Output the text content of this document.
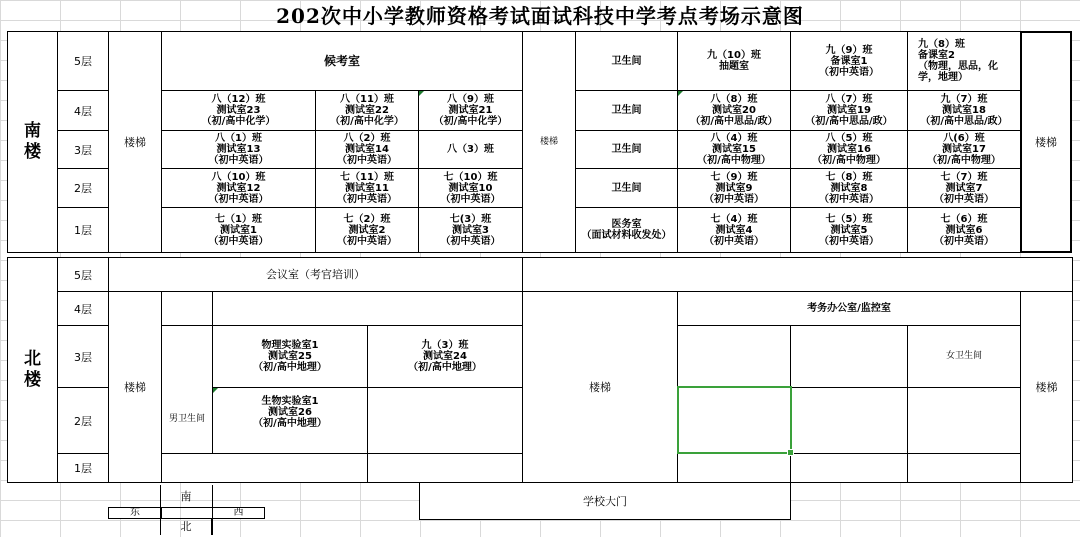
202次中小学教师资格考试面试科技中学考点考场示意图
南
楼
5层
4层
3层
2层
1层
楼梯
候考室
八（12）班
测试室23
（初/高中化学）
八（11）班
测试室22
（初/高中化学）
八（9）班
测试室21
（初/高中化学）
八（1）班
测试室13
（初中英语）
八（2）班
测试室14
（初中英语）
八（3）班
八（10）班
测试室12
（初中英语）
七（11）班
测试室11
（初中英语）
七（10）班
测试室10
（初中英语）
七（1）班
测试室1
（初中英语）
七（2）班
测试室2
（初中英语）
七(3）班
测试室3
（初中英语）
楼梯
卫生间
卫生间
卫生间
卫生间
医务室
（面试材料收发处）
九（10）班
抽题室
九（9）班
备课室1
（初中英语）
九（8）班
备课室2
（物理，思品，化
学，地理）
八（8）班
测试室20
（初/高中思品/政）
八（7）班
测试室19
（初/高中思品/政）
九（7）班
测试室18
（初/高中思品/政）
八（4）班
测试室15
（初/高中物理）
八（5）班
测试室16
（初/高中物理）
八(6）班
测试室17
（初/高中物理）
七（9）班
测试室9
（初中英语）
七（8）班
测试室8
（初中英语）
七（7）班
测试室7
（初中英语）
七（4）班
测试室4
（初中英语）
七（5）班
测试室5
（初中英语）
七（6）班
测试室6
（初中英语）
楼梯
北
楼
5层
4层
3层
2层
1层
会议室（考官培训）
楼梯
男卫生间
物理实验室1
测试室25
（初/高中地理）
九（3）班
测试室24
（初/高中地理）
生物实验室1
测试室26
（初/高中地理）
楼梯
考务办公室/监控室
女卫生间
楼梯
南
东	西
北
学校大门
